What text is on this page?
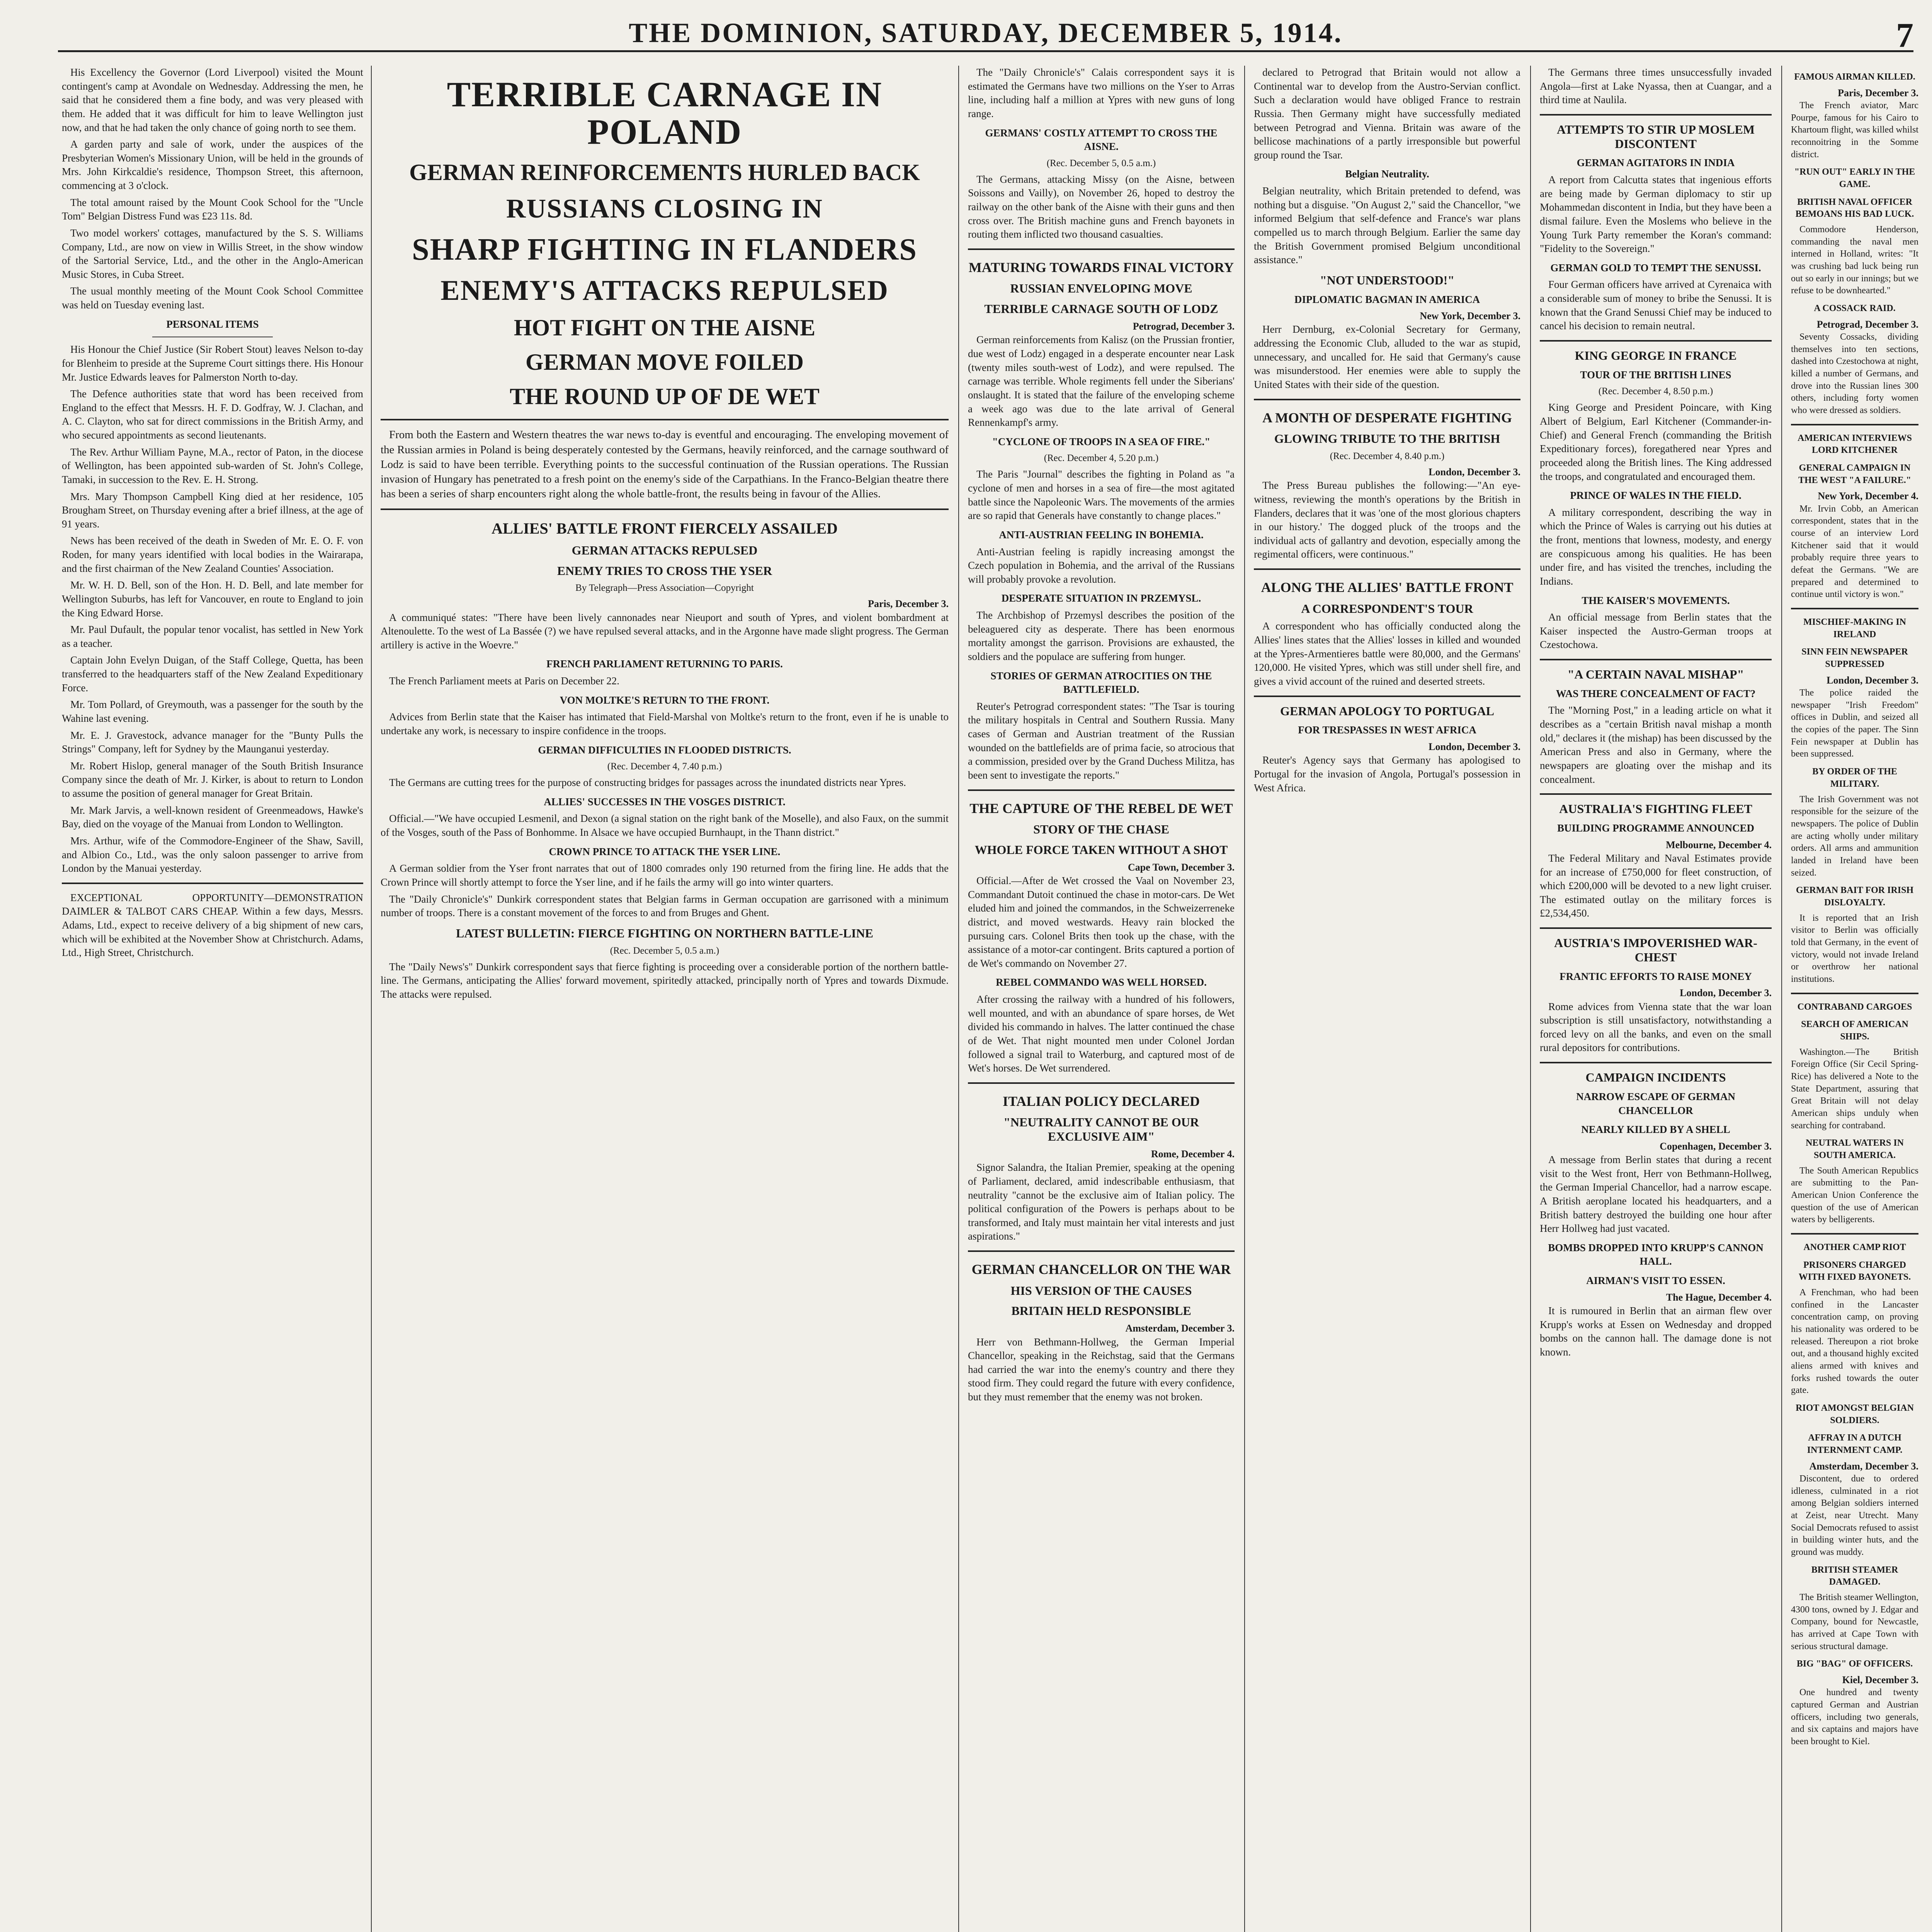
THE DOMINION, SATURDAY, DECEMBER 5, 1914.	7

His Excellency the Governor (Lord Liverpool) visited the Mount contingent's camp at Avondale on Wednesday. Addressing the men, he said that he considered them a fine body, and was very pleased with them. He added that it was difficult for him to leave Wellington just now, and that he had taken the only chance of going north to see them.

A garden party and sale of work, under the auspices of the Presbyterian Women's Missionary Union, will be held in the grounds of Mrs. John Kirkcaldie's residence, Thompson Street, this afternoon, commencing at 3 o'clock.

The total amount raised by the Mount Cook School for the "Uncle Tom" Belgian Distress Fund was £23 11s. 8d.

Two model workers' cottages, manufactured by the S. S. Williams Company, Ltd., are now on view in Willis Street, in the show window of the Sartorial Service, Ltd., and the other in the Anglo-American Music Stores, in Cuba Street.

The usual monthly meeting of the Mount Cook School Committee was held on Tuesday evening last.

PERSONAL ITEMS

His Honour the Chief Justice (Sir Robert Stout) leaves Nelson to-day for Blenheim to preside at the Supreme Court sittings there. His Honour Mr. Justice Edwards leaves for Palmerston North to-day.

The Defence authorities state that word has been received from England to the effect that Messrs. H. F. D. Godfray, W. J. Clachan, and A. C. Clayton, who sat for direct commissions in the British Army, and who secured appointments as second lieutenants.

The Rev. Arthur William Payne, M.A., rector of Paton, in the diocese of Wellington, has been appointed sub-warden of St. John's College, Tamaki, in succession to the Rev. E. H. Strong.

Mrs. Mary Thompson Campbell King died at her residence, 105 Brougham Street, on Thursday evening after a brief illness, at the age of 91 years.

News has been received of the death in Sweden of Mr. E. O. F. von Roden, for many years identified with local bodies in the Wairarapa, and the first chairman of the New Zealand Counties' Association.

Mr. W. H. D. Bell, son of the Hon. H. D. Bell, and late member for Wellington Suburbs, has left for Vancouver, en route to England to join the King Edward Horse.

Mr. Paul Dufault, the popular tenor vocalist, has settled in New York as a teacher.

Captain John Evelyn Duigan, of the Staff College, Quetta, has been transferred to the headquarters staff of the New Zealand Expeditionary Force.

Mr. Tom Pollard, of Greymouth, was a passenger for the south by the Wahine last evening.

Mr. E. J. Gravestock, advance manager for the "Bunty Pulls the Strings" Company, left for Sydney by the Maunganui yesterday.

Mr. Robert Hislop, general manager of the South British Insurance Company since the death of Mr. J. Kirker, is about to return to London to assume the position of general manager for Great Britain.

Mr. Mark Jarvis, a well-known resident of Greenmeadows, Hawke's Bay, died on the voyage of the Manuai from London to Wellington.

Mrs. Arthur, wife of the Commodore-Engineer of the Shaw, Savill, and Albion Co., Ltd., was the only saloon passenger to arrive from London by the Manuai yesterday.

EXCEPTIONAL OPPORTUNITY—DEMONSTRATION DAIMLER & TALBOT CARS CHEAP. Within a few days, Messrs. Adams, Ltd., expect to receive delivery of a big shipment of new cars, which will be exhibited at the November Show at Christchurch. Adams, Ltd., High Street, Christchurch.

TERRIBLE CARNAGE IN POLAND
GERMAN REINFORCEMENTS HURLED BACK
RUSSIANS CLOSING IN
SHARP FIGHTING IN FLANDERS
ENEMY'S ATTACKS REPULSED
HOT FIGHT ON THE AISNE
GERMAN MOVE FOILED
THE ROUND UP OF DE WET

From both the Eastern and Western theatres the war news to-day is eventful and encouraging. The enveloping movement of the Russian armies in Poland is being desperately contested by the Germans, heavily reinforced, and the carnage southward of Lodz is said to have been terrible. Everything points to the successful continuation of the Russian operations. The Russian invasion of Hungary has penetrated to a fresh point on the enemy's side of the Carpathians. In the Franco-Belgian theatre there has been a series of sharp encounters right along the whole battle-front, the results being in favour of the Allies.

ALLIES' BATTLE FRONT FIERCELY ASSAILED
GERMAN ATTACKS REPULSED
ENEMY TRIES TO CROSS THE YSER
By Telegraph—Press Association—Copyright
Paris, December 3.

A communiqué states: "There have been lively cannonades near Nieuport and south of Ypres, and violent bombardment at Altenoulette. To the west of La Bassée (?) we have repulsed several attacks, and in the Argonne have made slight progress. The German artillery is active in the Woevre."

FRENCH PARLIAMENT RETURNING TO PARIS.

The French Parliament meets at Paris on December 22.

VON MOLTKE'S RETURN TO THE FRONT.

Advices from Berlin state that the Kaiser has intimated that Field-Marshal von Moltke's return to the front, even if he is unable to undertake any work, is necessary to inspire confidence in the troops.

GERMAN DIFFICULTIES IN FLOODED DISTRICTS.
(Rec. December 4, 7.40 p.m.)

The Germans are cutting trees for the purpose of constructing bridges for passages across the inundated districts near Ypres.

ALLIES' SUCCESSES IN THE VOSGES DISTRICT.

Official.—"We have occupied Lesmenil, and Dexon (a signal station on the right bank of the Moselle), and also Faux, on the summit of the Vosges, south of the Pass of Bonhomme. In Alsace we have occupied Burnhaupt, in the Thann district."

CROWN PRINCE TO ATTACK THE YSER LINE.

A German soldier from the Yser front narrates that out of 1800 comrades only 190 returned from the firing line. He adds that the Crown Prince will shortly attempt to force the Yser line, and if he fails the army will go into winter quarters.

The "Daily Chronicle's" Dunkirk correspondent states that Belgian farms in German occupation are garrisoned with a minimum number of troops. There is a constant movement of the forces to and from Bruges and Ghent.

LATEST BULLETIN: FIERCE FIGHTING ON NORTHERN BATTLE-LINE
(Rec. December 5, 0.5 a.m.)

The "Daily News's" Dunkirk correspondent says that fierce fighting is proceeding over a considerable portion of the northern battle-line. The Germans, anticipating the Allies' forward movement, spiritedly attacked, principally north of Ypres and towards Dixmude. The attacks were repulsed.

The "Daily Chronicle's" Calais correspondent says it is estimated the Germans have two millions on the Yser to Arras line, including half a million at Ypres with new guns of long range.

GERMANS' COSTLY ATTEMPT TO CROSS THE AISNE.
(Rec. December 5, 0.5 a.m.)

The Germans, attacking Missy (on the Aisne, between Soissons and Vailly), on November 26, hoped to destroy the railway on the other bank of the Aisne with their guns and then cross over. The British machine guns and French bayonets in routing them inflicted two thousand casualties.

MATURING TOWARDS FINAL VICTORY
RUSSIAN ENVELOPING MOVE
TERRIBLE CARNAGE SOUTH OF LODZ
Petrograd, December 3.

German reinforcements from Kalisz (on the Prussian frontier, due west of Lodz) engaged in a desperate encounter near Lask (twenty miles south-west of Lodz), and were repulsed. The carnage was terrible. Whole regiments fell under the Siberians' onslaught. It is stated that the failure of the enveloping scheme a week ago was due to the late arrival of General Rennenkampf's army.

"CYCLONE OF TROOPS IN A SEA OF FIRE."
(Rec. December 4, 5.20 p.m.)

The Paris "Journal" describes the fighting in Poland as "a cyclone of men and horses in a sea of fire—the most agitated battle since the Napoleonic Wars. The movements of the armies are so rapid that Generals have constantly to change places."

ANTI-AUSTRIAN FEELING IN BOHEMIA.

Anti-Austrian feeling is rapidly increasing amongst the Czech population in Bohemia, and the arrival of the Russians will probably provoke a revolution.

DESPERATE SITUATION IN PRZEMYSL.

The Archbishop of Przemysl describes the position of the beleaguered city as desperate. There has been enormous mortality amongst the garrison. Provisions are exhausted, the soldiers and the populace are suffering from hunger.

STORIES OF GERMAN ATROCITIES ON THE BATTLEFIELD.

Reuter's Petrograd correspondent states: "The Tsar is touring the military hospitals in Central and Southern Russia. Many cases of German and Austrian treatment of the Russian wounded on the battlefields are of prima facie, so atrocious that a commission, presided over by the Grand Duchess Militza, has been sent to investigate the reports."

THE CAPTURE OF THE REBEL DE WET
STORY OF THE CHASE
WHOLE FORCE TAKEN WITHOUT A SHOT
Cape Town, December 3.

Official.—After de Wet crossed the Vaal on November 23, Commandant Dutoit continued the chase in motor-cars. De Wet eluded him and joined the commandos, in the Schweizerreneke district, and moved westwards. Heavy rain blocked the pursuing cars. Colonel Brits then took up the chase, with the assistance of a motor-car contingent. Brits captured a portion of de Wet's commando on November 27.

REBEL COMMANDO WAS WELL HORSED.

After crossing the railway with a hundred of his followers, well mounted, and with an abundance of spare horses, de Wet divided his commando in halves. The latter continued the chase of de Wet. That night mounted men under Colonel Jordan followed a signal trail to Waterburg, and captured most of de Wet's horses. De Wet surrendered.

ITALIAN POLICY DECLARED
"NEUTRALITY CANNOT BE OUR EXCLUSIVE AIM"
Rome, December 4.

Signor Salandra, the Italian Premier, speaking at the opening of Parliament, declared, amid indescribable enthusiasm, that neutrality "cannot be the exclusive aim of Italian policy. The political configuration of the Powers is perhaps about to be transformed, and Italy must maintain her vital interests and just aspirations."

GERMAN CHANCELLOR ON THE WAR
HIS VERSION OF THE CAUSES
BRITAIN HELD RESPONSIBLE
Amsterdam, December 3.

Herr von Bethmann-Hollweg, the German Imperial Chancellor, speaking in the Reichstag, said that the Germans had carried the war into the enemy's country and there they stood firm. They could regard the future with every confidence, but they must remember that the enemy was not broken.

declared to Petrograd that Britain would not allow a Continental war to develop from the Austro-Servian conflict. Such a declaration would have obliged France to restrain Russia. Then Germany might have successfully mediated between Petrograd and Vienna. Britain was aware of the bellicose machinations of a partly irresponsible but powerful group round the Tsar.

Belgian Neutrality.

Belgian neutrality, which Britain pretended to defend, was nothing but a disguise. "On August 2," said the Chancellor, "we informed Belgium that self-defence and France's war plans compelled us to march through Belgium. Earlier the same day the British Government promised Belgium unconditional assistance."

"NOT UNDERSTOOD!"
DIPLOMATIC BAGMAN IN AMERICA
New York, December 3.

Herr Dernburg, ex-Colonial Secretary for Germany, addressing the Economic Club, alluded to the war as stupid, unnecessary, and uncalled for. He said that Germany's cause was misunderstood. Her enemies were able to supply the United States with their side of the question.

A MONTH OF DESPERATE FIGHTING
GLOWING TRIBUTE TO THE BRITISH
(Rec. December 4, 8.40 p.m.)
London, December 3.

The Press Bureau publishes the following:—"An eye-witness, reviewing the month's operations by the British in Flanders, declares that it was 'one of the most glorious chapters in our history.' The dogged pluck of the troops and the individual acts of gallantry and devotion, especially among the regimental officers, were continuous."

ALONG THE ALLIES' BATTLE FRONT
A CORRESPONDENT'S TOUR

A correspondent who has officially conducted along the Allies' lines states that the Allies' losses in killed and wounded at the Ypres-Armentieres battle were 80,000, and the Germans' 120,000. He visited Ypres, which was still under shell fire, and gives a vivid account of the ruined and deserted streets.

GERMAN APOLOGY TO PORTUGAL
FOR TRESPASSES IN WEST AFRICA
London, December 3.

Reuter's Agency says that Germany has apologised to Portugal for the invasion of Angola, Portugal's possession in West Africa.

The Germans three times unsuccessfully invaded Angola—first at Lake Nyassa, then at Cuangar, and a third time at Naulila.

ATTEMPTS TO STIR UP MOSLEM DISCONTENT
GERMAN AGITATORS IN INDIA

A report from Calcutta states that ingenious efforts are being made by German diplomacy to stir up Mohammedan discontent in India, but they have been a dismal failure. Even the Moslems who believe in the Young Turk Party remember the Koran's command: "Fidelity to the Sovereign."

GERMAN GOLD TO TEMPT THE SENUSSI.

Four German officers have arrived at Cyrenaica with a considerable sum of money to bribe the Senussi. It is known that the Grand Senussi Chief may be induced to cancel his decision to remain neutral.

KING GEORGE IN FRANCE
TOUR OF THE BRITISH LINES
(Rec. December 4, 8.50 p.m.)

King George and President Poincare, with King Albert of Belgium, Earl Kitchener (Commander-in-Chief) and General French (commanding the British Expeditionary forces), foregathered near Ypres and proceeded along the British lines. The King addressed the troops, and congratulated and encouraged them.

PRINCE OF WALES IN THE FIELD.

A military correspondent, describing the way in which the Prince of Wales is carrying out his duties at the front, mentions that lowness, modesty, and energy are conspicuous among his qualities. He has been under fire, and has visited the trenches, including the Indians.

THE KAISER'S MOVEMENTS.

An official message from Berlin states that the Kaiser inspected the Austro-German troops at Czestochowa.

"A CERTAIN NAVAL MISHAP"
WAS THERE CONCEALMENT OF FACT?

The "Morning Post," in a leading article on what it describes as a "certain British naval mishap a month old," declares it (the mishap) has been discussed by the American Press and also in Germany, where the newspapers are gloating over the mishap and its concealment.

AUSTRALIA'S FIGHTING FLEET
BUILDING PROGRAMME ANNOUNCED
Melbourne, December 4.

The Federal Military and Naval Estimates provide for an increase of £750,000 for fleet construction, of which £200,000 will be devoted to a new light cruiser. The estimated outlay on the military forces is £2,534,450.

AUSTRIA'S IMPOVERISHED WAR-CHEST
FRANTIC EFFORTS TO RAISE MONEY
London, December 3.

Rome advices from Vienna state that the war loan subscription is still unsatisfactory, notwithstanding a forced levy on all the banks, and even on the small rural depositors for contributions.

CAMPAIGN INCIDENTS
NARROW ESCAPE OF GERMAN CHANCELLOR
NEARLY KILLED BY A SHELL
Copenhagen, December 3.

A message from Berlin states that during a recent visit to the West front, Herr von Bethmann-Hollweg, the German Imperial Chancellor, had a narrow escape. A British aeroplane located his headquarters, and a British battery destroyed the building one hour after Herr Hollweg had just vacated.

BOMBS DROPPED INTO KRUPP'S CANNON HALL.
AIRMAN'S VISIT TO ESSEN.
The Hague, December 4.

It is rumoured in Berlin that an airman flew over Krupp's works at Essen on Wednesday and dropped bombs on the cannon hall. The damage done is not known.

FAMOUS AIRMAN KILLED.
Paris, December 3.

The French aviator, Marc Pourpe, famous for his Cairo to Khartoum flight, was killed whilst reconnoitring in the Somme district.

"RUN OUT" EARLY IN THE GAME.
BRITISH NAVAL OFFICER BEMOANS HIS BAD LUCK.

Commodore Henderson, commanding the naval men interned in Holland, writes: "It was crushing bad luck being run out so early in our innings; but we refuse to be downhearted."

A COSSACK RAID.
Petrograd, December 3.

Seventy Cossacks, dividing themselves into ten sections, dashed into Czestochowa at night, killed a number of Germans, and drove into the Russian lines 300 others, including forty women who were dressed as soldiers.

AMERICAN INTERVIEWS LORD KITCHENER
GENERAL CAMPAIGN IN THE WEST "A FAILURE."
New York, December 4.

Mr. Irvin Cobb, an American correspondent, states that in the course of an interview Lord Kitchener said that it would probably require three years to defeat the Germans. "We are prepared and determined to continue until victory is won."

MISCHIEF-MAKING IN IRELAND
SINN FEIN NEWSPAPER SUPPRESSED
London, December 3.

The police raided the newspaper "Irish Freedom" offices in Dublin, and seized all the copies of the paper. The Sinn Fein newspaper at Dublin has been suppressed.

BY ORDER OF THE MILITARY.

The Irish Government was not responsible for the seizure of the newspapers. The police of Dublin are acting wholly under military orders. All arms and ammunition landed in Ireland have been seized.

GERMAN BAIT FOR IRISH DISLOYALTY.

It is reported that an Irish visitor to Berlin was officially told that Germany, in the event of victory, would not invade Ireland or overthrow her national institutions.

CONTRABAND CARGOES
SEARCH OF AMERICAN SHIPS.

Washington.—The British Foreign Office (Sir Cecil Spring-Rice) has delivered a Note to the State Department, assuring that Great Britain will not delay American ships unduly when searching for contraband.

NEUTRAL WATERS IN SOUTH AMERICA.

The South American Republics are submitting to the Pan-American Union Conference the question of the use of American waters by belligerents.

ANOTHER CAMP RIOT
PRISONERS CHARGED WITH FIXED BAYONETS.

A Frenchman, who had been confined in the Lancaster concentration camp, on proving his nationality was ordered to be released. Thereupon a riot broke out, and a thousand highly excited aliens armed with knives and forks rushed towards the outer gate.

RIOT AMONGST BELGIAN SOLDIERS.
AFFRAY IN A DUTCH INTERNMENT CAMP.
Amsterdam, December 3.

Discontent, due to ordered idleness, culminated in a riot among Belgian soldiers interned at Zeist, near Utrecht. Many Social Democrats refused to assist in building winter huts, and the ground was muddy.

BRITISH STEAMER DAMAGED.

The British steamer Wellington, 4300 tons, owned by J. Edgar and Company, bound for Newcastle, has arrived at Cape Town with serious structural damage.

BIG "BAG" OF OFFICERS.
Kiel, December 3.

One hundred and twenty captured German and Austrian officers, including two generals, and six captains and majors have been brought to Kiel.
